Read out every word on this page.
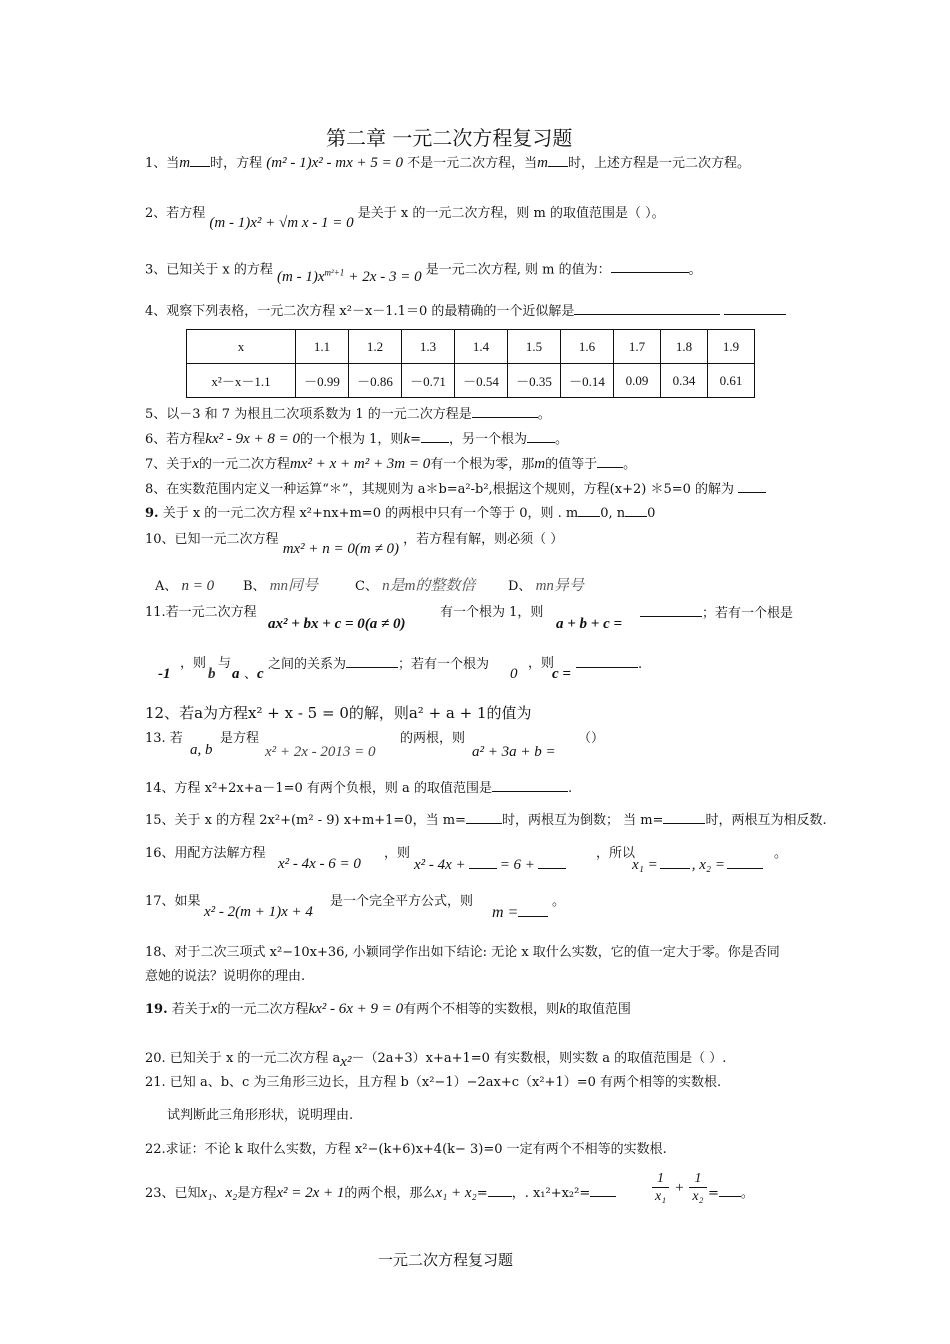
第二章 一元二次方程复习题
1、当m 时，方程 (m² - 1)x² - mx + 5 = 0 不是一元二次方程，当m 时，上述方程是一元二次方程。
2、若方程 (m - 1)x² + √m x - 1 = 0 是关于 x 的一元二次方程，则 m 的取值范围是（ ）。
3、已知关于 x 的方程 $(m - 1)x^{m^2+1} + 2x - 3 = 0$ 是一元二次方程, 则 m 的值为：	。
4、观察下列表格，一元二次方程 x²－x－1.1＝0 的最精确的一个近似解是
x	1.1	1.2	1.3	1.4	1.5	1.6	1.7	1.8	1.9
x²－x－1.1	－0.99	－0.86	－0.71	－0.54	－0.35	－0.14	0.09	0.34	0.61
5、以－3 和 7 为根且二次项系数为 1 的一元二次方程是	。
6、若方程kx² - 9x + 8 = 0的一个根为 1，则k= ，另一个根为 。
7、关于x的一元二次方程mx² + x + m² + 3m = 0有一个根为零，那m的值等于 。
8、在实数范围内定义一种运算“＊”，其规则为 a＊b=a²-b²,根据这个规则，方程(x+2) ＊5=0 的解为
9. 关于 x 的一元二次方程 x²+nx+m=0 的两根中只有一个等于 0，则 . m 0, n 0
10、已知一元二次方程 mx² + n = 0(m ≠ 0) ，若方程有解，则必须（ ）
A、 n = 0 B、 mn同号	C、 n是m的整数倍	D、 mn异号
11.若一元二次方程
ax² + bx + c = 0(a ≠ 0)
有一个根为 1，则
a + b + c =
；若有一个根是
-1
，则
b
与
a 、 c
之间的关系为	；若有一个根为
0
，则
c =
.
12、若a为方程x² + x - 5 = 0的解，则a² + a + 1的值为
13. 若
a, b
是方程
x² + 2x - 2013 = 0
的两根，则
a² + 3a + b =
（）
14、方程 x²+2x+a－1=0 有两个负根，则 a 的取值范围是	.
15、关于 x 的方程 2x²+(m² - 9) x+m+1=0，当 m=	时，两根互为倒数； 当 m=	时，两根互为相反数.
16、用配方法解方程
x² - 4x - 6 = 0
，则
x² - 4x + = 6 +
，所以
x₁ = , x₂ =
。
17、如果
x² - 2(m + 1)x + 4
是一个完全平方公式，则
m =
。
18、对于二次三项式 x²−10x+36, 小颖同学作出如下结论: 无论 x 取什么实数，它的值一定大于零。你是否同
意她的说法？说明你的理由.
19. 若关于x的一元二次方程kx² - 6x + 9 = 0有两个不相等的实数根，则k的取值范围
20. 已知关于 x 的一元二次方程 ax²－（2a+3）x+a+1=0 有实数根，则实数 a 的取值范围是（ ）.
21. 已知 a、b、c 为三角形三边长，且方程 b（x²−1）−2ax+c（x²+1）=0 有两个相等的实数根.
试判断此三角形形状，说明理由.
22.求证：不论 k 取什么实数，方程 x²−(k+6)x+4(k− 3)=0 一定有两个不相等的实数根.
23、已知x₁、x₂是方程x² = 2x + 1的两个根，那么x₁ + x₂= ，. x₁²+x₂²=	$\frac{1}{\text{x₁}} + \frac{1}{\text{x₂}}$ = 。
一元二次方程复习题
